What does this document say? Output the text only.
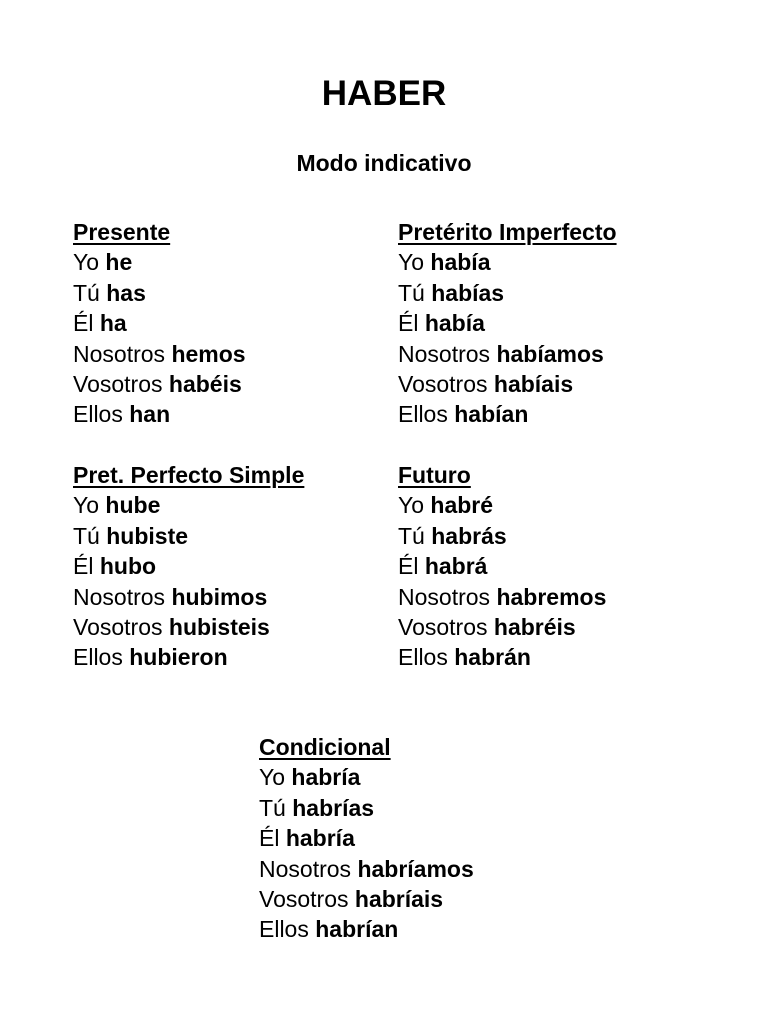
HABER
Modo indicativo
Presente
Yo he
Tú has
Él ha
Nosotros hemos
Vosotros habéis
Ellos han
Pretérito Imperfecto
Yo había
Tú habías
Él había
Nosotros habíamos
Vosotros habíais
Ellos habían
Pret. Perfecto Simple
Yo hube
Tú hubiste
Él hubo
Nosotros hubimos
Vosotros hubisteis
Ellos hubieron
Futuro
Yo habré
Tú habrás
Él habrá
Nosotros habremos
Vosotros habréis
Ellos habrán
Condicional
Yo habría
Tú habrías
Él habría
Nosotros habríamos
Vosotros habríais
Ellos habrían
